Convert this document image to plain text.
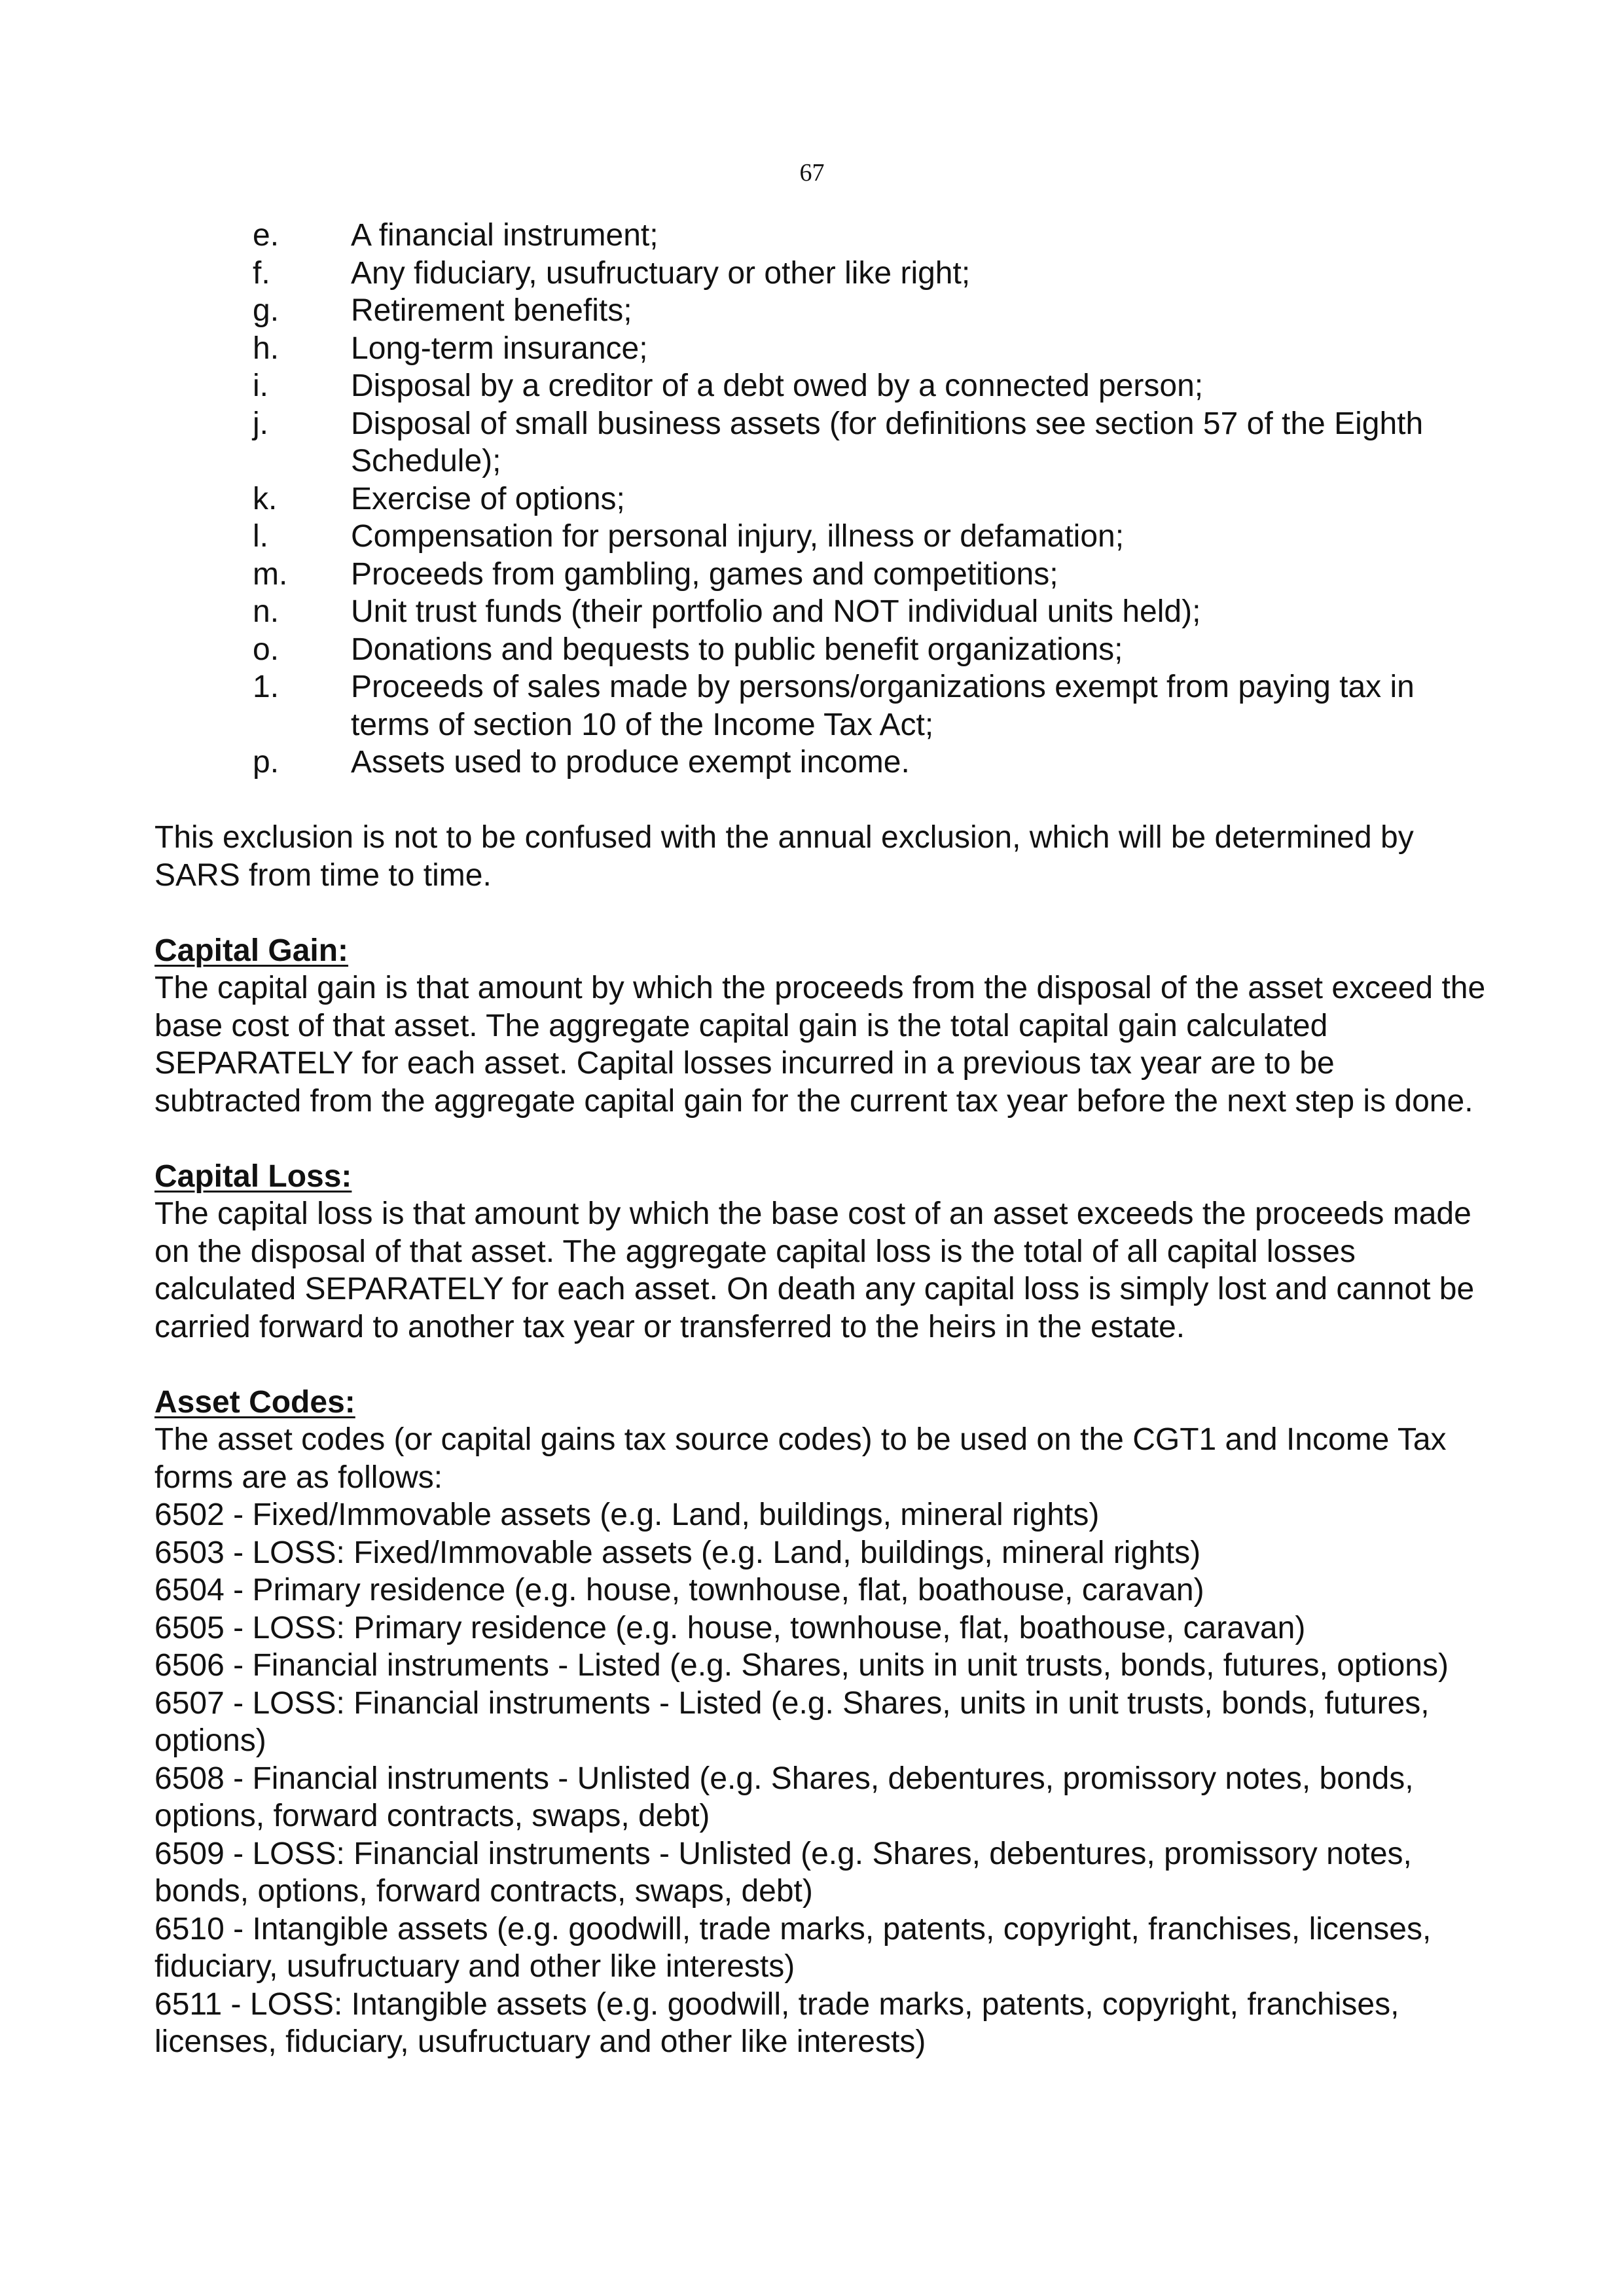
67
e.	A financial instrument;
f.	Any fiduciary, usufructuary or other like right;
g.	Retirement benefits;
h.	Long-term insurance;
i.	Disposal by a creditor of a debt owed by a connected person;
j.	Disposal of small business assets (for definitions see section 57 of the Eighth Schedule);
k.	Exercise of options;
l.	Compensation for personal injury, illness or defamation;
m.	Proceeds from gambling, games and competitions;
n.	Unit trust funds (their portfolio and NOT individual units held);
o.	Donations and bequests to public benefit organizations;
1.	Proceeds of sales made by persons/organizations exempt from paying tax in terms of section 10 of the Income Tax Act;
p.	Assets used to produce exempt income.

This exclusion is not to be confused with the annual exclusion, which will be determined by SARS from time to time.

Capital Gain:

The capital gain is that amount by which the proceeds from the disposal of the asset exceed the base cost of that asset. The aggregate capital gain is the total capital gain calculated SEPARATELY for each asset. Capital losses incurred in a previous tax year are to be subtracted from the aggregate capital gain for the current tax year before the next step is done.

Capital Loss:

The capital loss is that amount by which the base cost of an asset exceeds the proceeds made on the disposal of that asset. The aggregate capital loss is the total of all capital losses calculated SEPARATELY for each asset. On death any capital loss is simply lost and cannot be carried forward to another tax year or transferred to the heirs in the estate.

Asset Codes:

The asset codes (or capital gains tax source codes) to be used on the CGT1 and Income Tax forms are as follows:

6502 - Fixed/Immovable assets (e.g. Land, buildings, mineral rights)
6503 - LOSS: Fixed/Immovable assets (e.g. Land, buildings, mineral rights)
6504 - Primary residence (e.g. house, townhouse, flat, boathouse, caravan)
6505 - LOSS: Primary residence (e.g. house, townhouse, flat, boathouse, caravan)
6506 - Financial instruments - Listed (e.g. Shares, units in unit trusts, bonds, futures, options)
6507 - LOSS: Financial instruments - Listed (e.g. Shares, units in unit trusts, bonds, futures, options)
6508 - Financial instruments - Unlisted (e.g. Shares, debentures, promissory notes, bonds, options, forward contracts, swaps, debt)
6509 - LOSS: Financial instruments - Unlisted (e.g. Shares, debentures, promissory notes, bonds, options, forward contracts, swaps, debt)
6510 - Intangible assets (e.g. goodwill, trade marks, patents, copyright, franchises, licenses, fiduciary, usufructuary and other like interests)
6511 - LOSS: Intangible assets (e.g. goodwill, trade marks, patents, copyright, franchises, licenses, fiduciary, usufructuary and other like interests)
